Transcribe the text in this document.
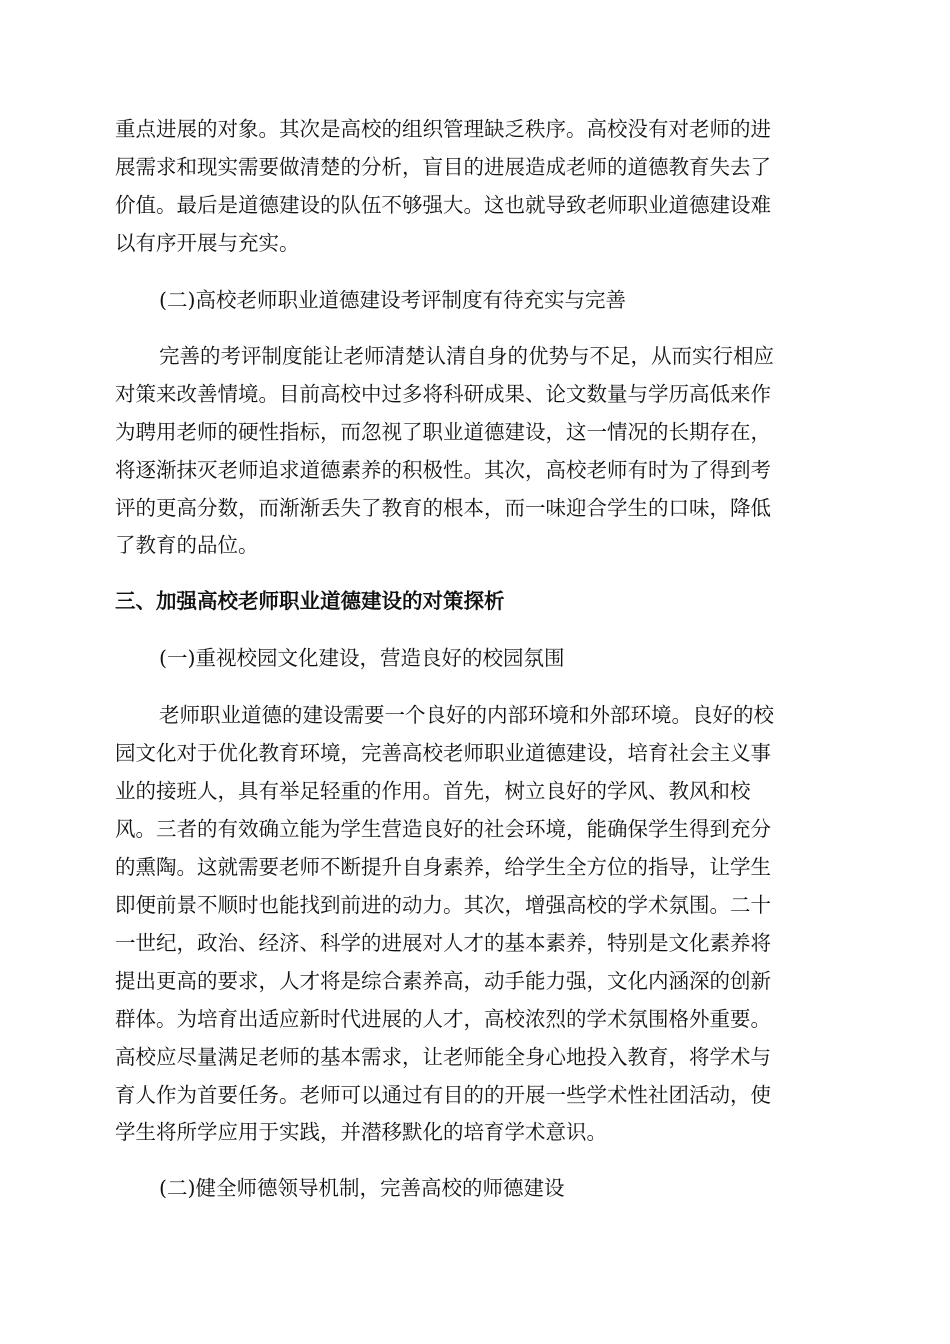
重点进展的对象。其次是高校的组织管理缺乏秩序。高校没有对老师的进

展需求和现实需要做清楚的分析，盲目的进展造成老师的道德教育失去了

价值。最后是道德建设的队伍不够强大。这也就导致老师职业道德建设难

以有序开展与充实。

(二)高校老师职业道德建设考评制度有待充实与完善

完善的考评制度能让老师清楚认清自身的优势与不足，从而实行相应

对策来改善情境。目前高校中过多将科研成果、论文数量与学历高低来作

为聘用老师的硬性指标，而忽视了职业道德建设，这一情况的长期存在，

将逐渐抹灭老师追求道德素养的积极性。其次，高校老师有时为了得到考

评的更高分数，而渐渐丢失了教育的根本，而一味迎合学生的口味，降低

了教育的品位。

三、加强高校老师职业道德建设的对策探析

(一)重视校园文化建设，营造良好的校园氛围

老师职业道德的建设需要一个良好的内部环境和外部环境。良好的校

园文化对于优化教育环境，完善高校老师职业道德建设，培育社会主义事

业的接班人，具有举足轻重的作用。首先，树立良好的学风、教风和校

风。三者的有效确立能为学生营造良好的社会环境，能确保学生得到充分

的熏陶。这就需要老师不断提升自身素养，给学生全方位的指导，让学生

即便前景不顺时也能找到前进的动力。其次，增强高校的学术氛围。二十

一世纪，政治、经济、科学的进展对人才的基本素养，特别是文化素养将

提出更高的要求，人才将是综合素养高，动手能力强，文化内涵深的创新

群体。为培育出适应新时代进展的人才，高校浓烈的学术氛围格外重要。

高校应尽量满足老师的基本需求，让老师能全身心地投入教育，将学术与

育人作为首要任务。老师可以通过有目的的开展一些学术性社团活动，使

学生将所学应用于实践，并潜移默化的培育学术意识。

(二)健全师德领导机制，完善高校的师德建设
